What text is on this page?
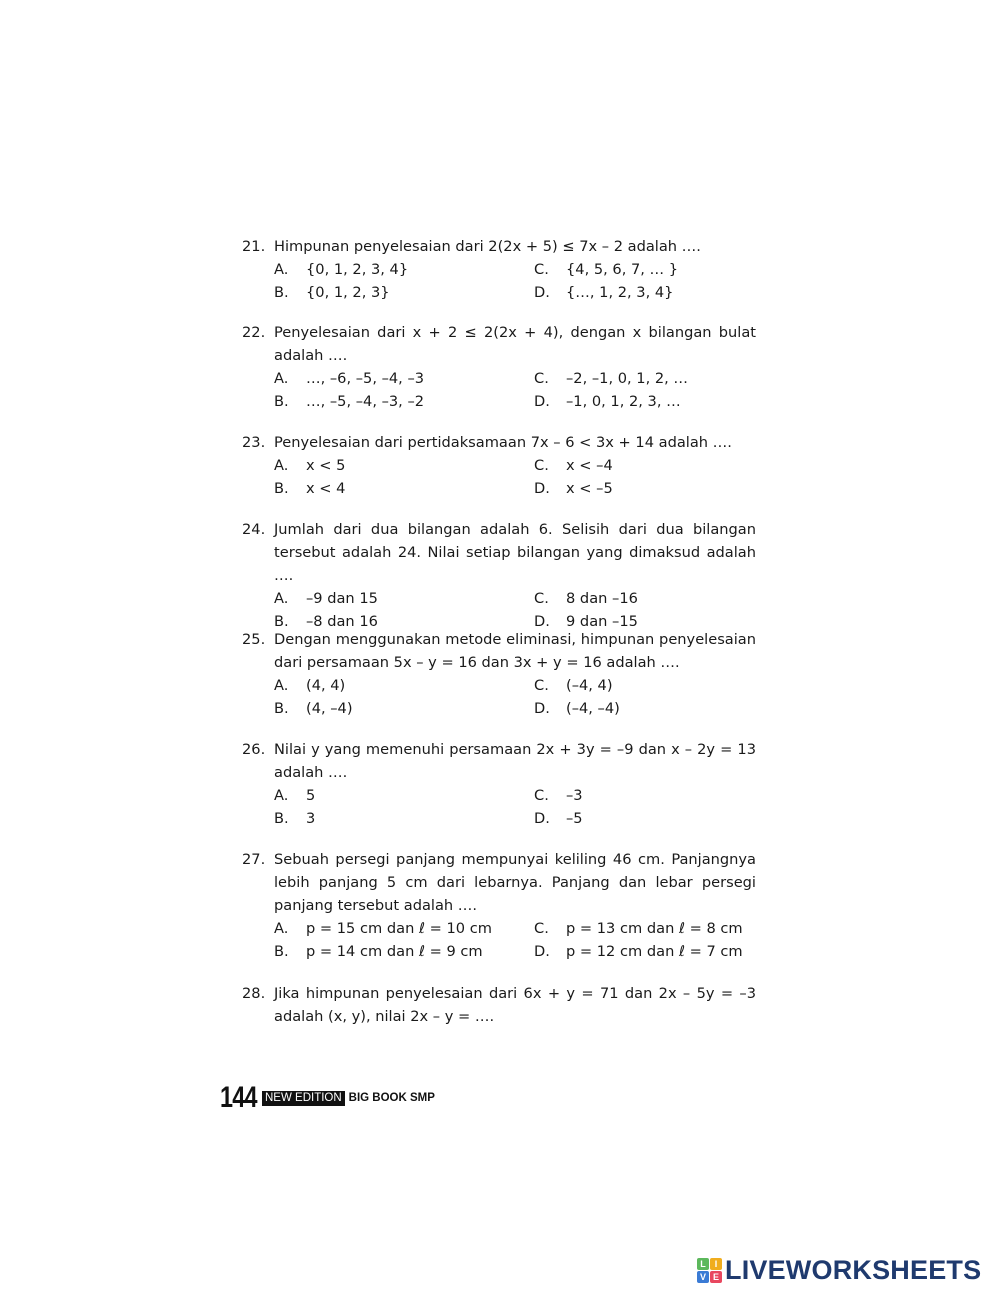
21. Himpunan penyelesaian dari 2(2x + 5) ≤ 7x – 2 adalah ….
A. {0, 1, 2, 3, 4}
B. {0, 1, 2, 3}
C. {4, 5, 6, 7, … }
D. {…, 1, 2, 3, 4}
22. Penyelesaian dari x + 2 ≤ 2(2x + 4), dengan x bilangan bulat adalah ….
A. …, –6, –5, –4, –3
B. …, –5, –4, –3, –2
C. –2, –1, 0, 1, 2, …
D. –1, 0, 1, 2, 3, …
23. Penyelesaian dari pertidaksamaan 7x – 6 < 3x + 14 adalah ….
A. x < 5
B. x < 4
C. x < –4
D. x < –5
24. Jumlah dari dua bilangan adalah 6. Selisih dari dua bilangan tersebut adalah 24. Nilai setiap bilangan yang dimaksud adalah ….
A. –9 dan 15
B. –8 dan 16
C. 8 dan –16
D. 9 dan –15
25. Dengan menggunakan metode eliminasi, himpunan penyelesaian dari persamaan 5x – y = 16 dan 3x + y = 16 adalah ….
A. (4, 4)
B. (4, –4)
C. (–4, 4)
D. (–4, –4)
26. Nilai y yang memenuhi persamaan 2x + 3y = –9 dan x – 2y = 13 adalah ….
A. 5
B. 3
C. –3
D. –5
27. Sebuah persegi panjang mempunyai keliling 46 cm. Panjangnya lebih panjang 5 cm dari lebarnya. Panjang dan lebar persegi panjang tersebut adalah ….
A. p = 15 cm dan ℓ = 10 cm
B. p = 14 cm dan ℓ = 9 cm
C. p = 13 cm dan ℓ = 8 cm
D. p = 12 cm dan ℓ = 7 cm
28. Jika himpunan penyelesaian dari 6x + y = 71 dan 2x – 5y = –3 adalah (x, y), nilai 2x – y = ….
144 NEW EDITION BIG BOOK SMP
L I
V E LIVEWORKSHEETS
